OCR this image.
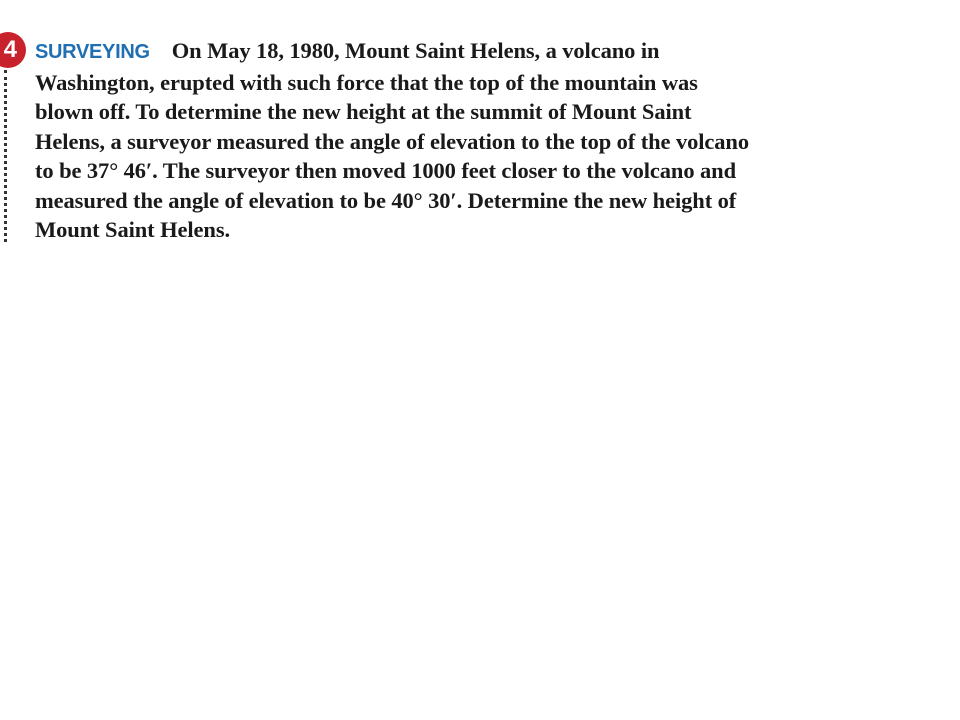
4 SURVEYING On May 18, 1980, Mount Saint Helens, a volcano in
Washington, erupted with such force that the top of the mountain was
blown off. To determine the new height at the summit of Mount Saint
Helens, a surveyor measured the angle of elevation to the top of the volcano
to be 37° 46′. The surveyor then moved 1000 feet closer to the volcano and
measured the angle of elevation to be 40° 30′. Determine the new height of
Mount Saint Helens.
